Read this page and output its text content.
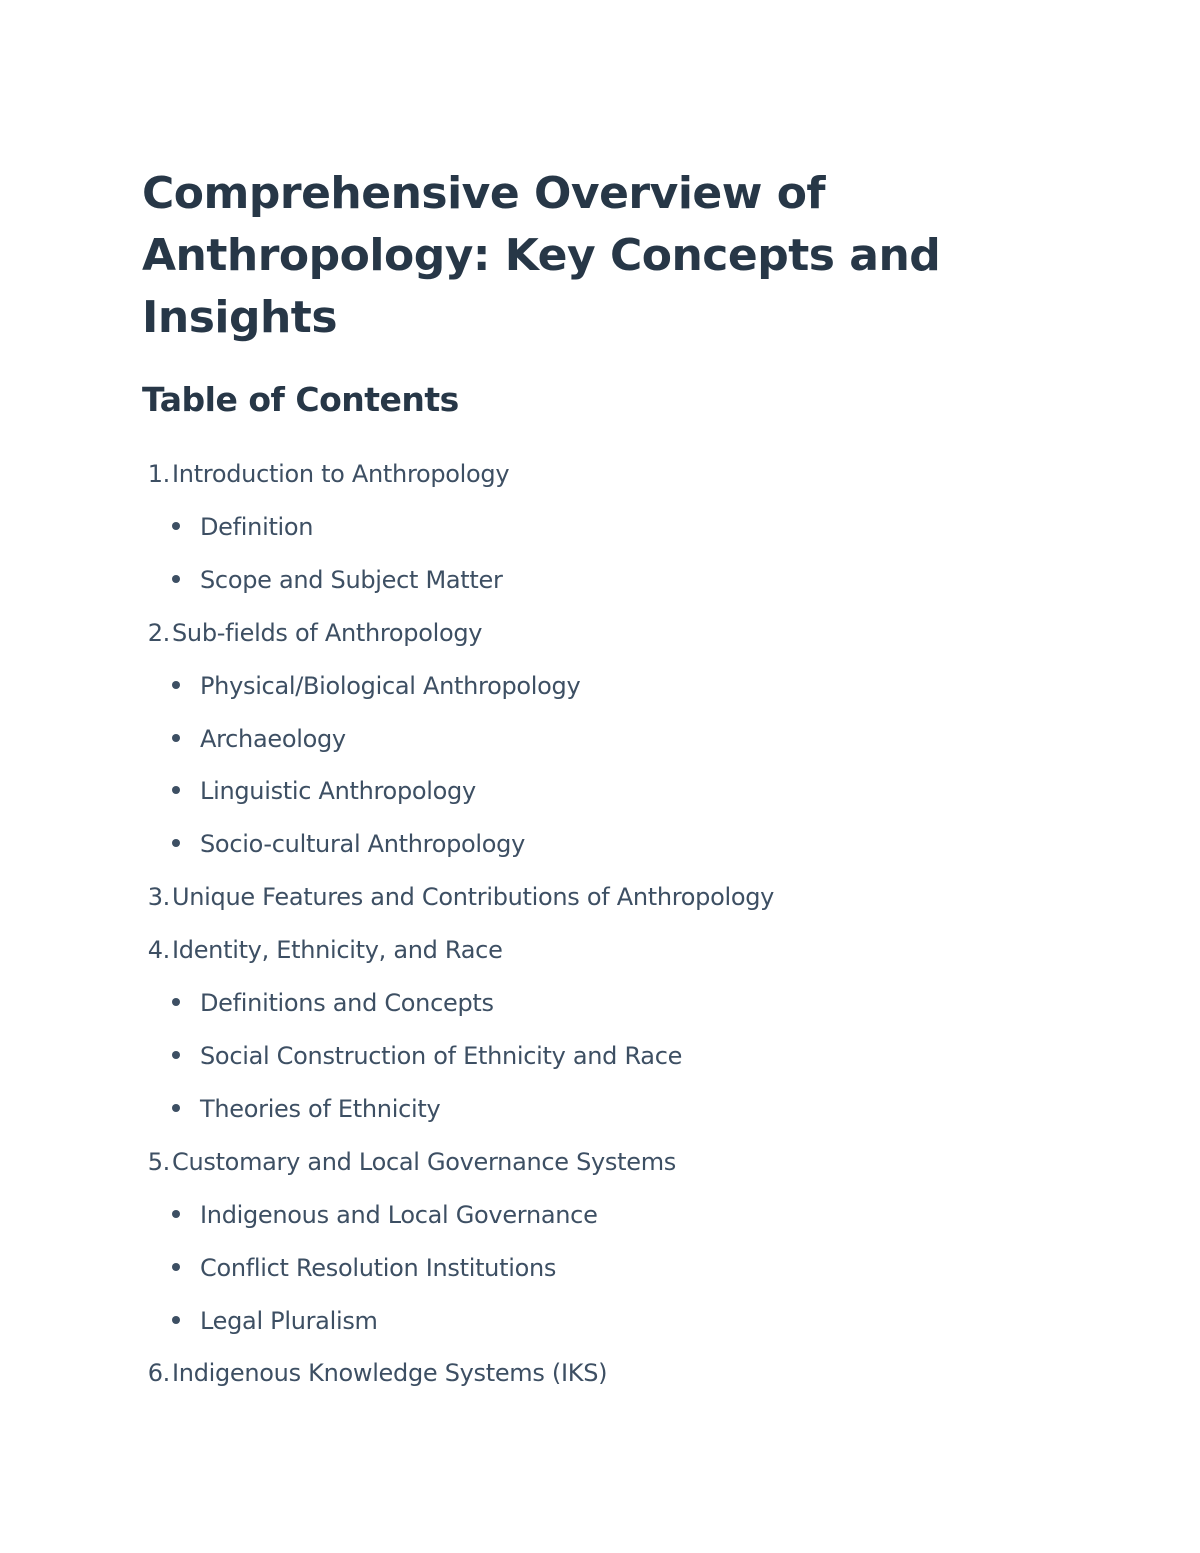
Comprehensive Overview of Anthropology: Key Concepts and Insights
Table of Contents
1.Introduction to Anthropology
Definition
Scope and Subject Matter
2.Sub-fields of Anthropology
Physical/Biological Anthropology
Archaeology
Linguistic Anthropology
Socio-cultural Anthropology
3.Unique Features and Contributions of Anthropology
4.Identity, Ethnicity, and Race
Definitions and Concepts
Social Construction of Ethnicity and Race
Theories of Ethnicity
5.Customary and Local Governance Systems
Indigenous and Local Governance
Conflict Resolution Institutions
Legal Pluralism
6.Indigenous Knowledge Systems (IKS)
